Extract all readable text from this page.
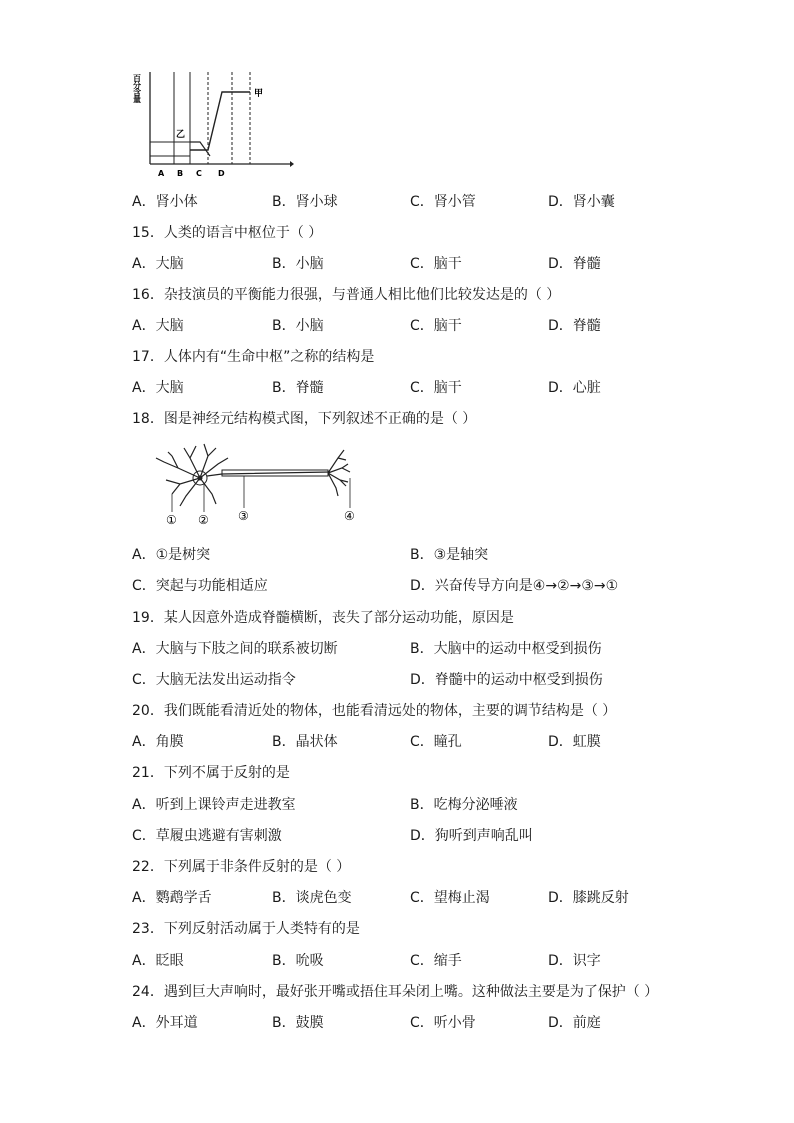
百分含量	甲
乙
A B C D
A．肾小体	B．肾小球	C．肾小管	D．肾小囊
15．人类的语言中枢位于（ ）
A．大脑	B．小脑	C．脑干	D．脊髓
16．杂技演员的平衡能力很强，与普通人相比他们比较发达是的（ ）
A．大脑	B．小脑	C．脑干	D．脊髓
17．人体内有“生命中枢”之称的结构是
A．大脑	B．脊髓	C．脑干	D．心脏
18．图是神经元结构模式图，下列叙述不正确的是（ ）
① ② ③	④
A．①是树突	B．③是轴突
C．突起与功能相适应	D．兴奋传导方向是④→②→③→①
19．某人因意外造成脊髓横断，丧失了部分运动功能，原因是
A．大脑与下肢之间的联系被切断	B．大脑中的运动中枢受到损伤
C．大脑无法发出运动指令	D．脊髓中的运动中枢受到损伤
20．我们既能看清近处的物体，也能看清远处的物体，主要的调节结构是（ ）
A．角膜	B．晶状体	C．瞳孔	D．虹膜
21．下列不属于反射的是
A．听到上课铃声走进教室	B．吃梅分泌唾液
C．草履虫逃避有害刺激	D．狗听到声响乱叫
22．下列属于非条件反射的是（ ）
A．鹦鹉学舌	B．谈虎色变	C．望梅止渴	D．膝跳反射
23．下列反射活动属于人类特有的是
A．眨眼	B．吮吸	C．缩手	D．识字
24．遇到巨大声响时，最好张开嘴或捂住耳朵闭上嘴。这种做法主要是为了保护（ ）
A．外耳道	B．鼓膜	C．听小骨	D．前庭
